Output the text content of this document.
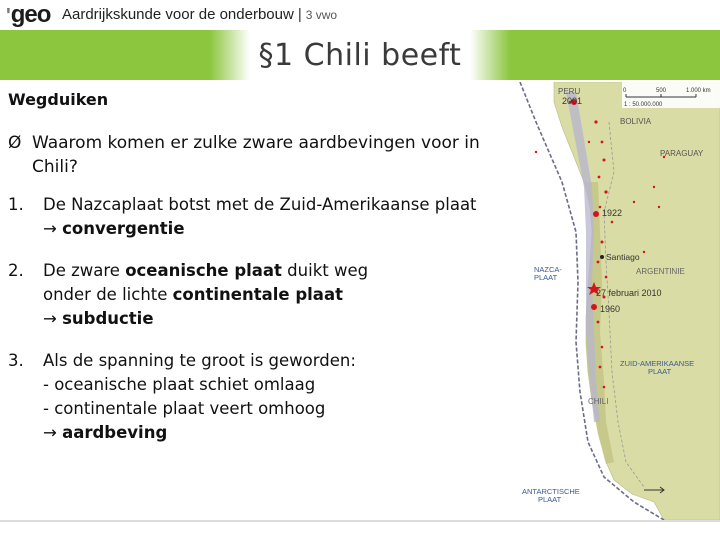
'geo Aardrijkskunde voor de onderbouw | 3 vwo
§1 Chili beeft
Wegduiken
Ø Waarom komen er zulke zware aardbevingen voor in Chili?
1. De Nazcaplaat botst met de Zuid-Amerikaanse plaat
→ convergentie
2. De zware oceanische plaat duikt weg
onder de lichte continentale plaat
→ subductie
3. Als de spanning te groot is geworden:
- oceanische plaat schiet omlaag
- continentale plaat veert omhoog
→ aardbeving
PERU
2001
BOLIVIA
PARAGUAY
1922
Santiago
ARGENTINIE
NAZCA-
PLAAT
27 februari 2010
1960
ZUID-AMERIKAANSE
PLAAT
CHILI
ANTARCTISCHE
PLAAT
0	500	1.000 km
1 : 50.000.000
